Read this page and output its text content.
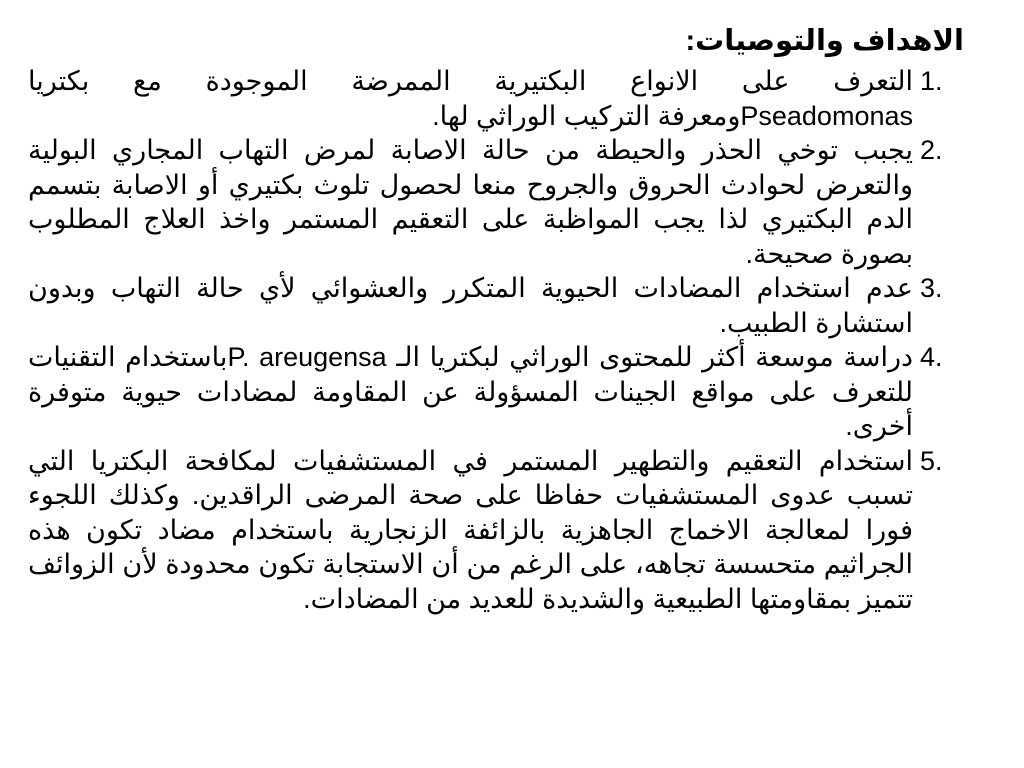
الاهداف والتوصيات:
1.
التعرف على الانواع البكتيرية الممرضة الموجودة مع بكتريا Pseadomonasومعرفة التركيب الوراثي لها.
2.
يجبب توخي الحذر والحيطة من حالة الاصابة لمرض التهاب المجاري البولية والتعرض لحوادث الحروق والجروح منعا لحصول تلوث بكتيري أو الاصابة بتسمم الدم البكتيري لذا يجب المواظبة على التعقيم المستمر واخذ العلاج المطلوب بصورة صحيحة.
3.
عدم استخدام المضادات الحيوية المتكرر والعشوائي لأي حالة التهاب وبدون استشارة الطبيب.
4.
دراسة موسعة أكثر للمحتوى الوراثي لبكتريا الـ P. areugensaباستخدام التقنيات للتعرف على مواقع الجينات المسؤولة عن المقاومة لمضادات حيوية متوفرة أخرى.
5.
استخدام التعقيم والتطهير المستمر في المستشفيات لمكافحة البكتريا التي تسبب عدوى المستشفيات حفاظا على صحة المرضى الراقدين. وكذلك اللجوء فورا لمعالجة الاخماج الجاهزية بالزائفة الزنجارية باستخدام مضاد تكون هذه الجراثيم متحسسة تجاهه، على الرغم من أن الاستجابة تكون محدودة لأن الزوائف تتميز بمقاومتها الطبيعية والشديدة للعديد من المضادات.
